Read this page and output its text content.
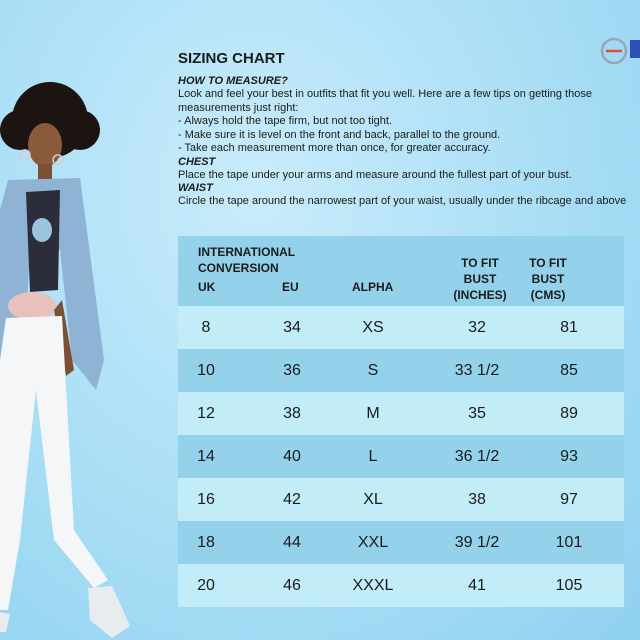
SIZING CHART
HOW TO MEASURE?
Look and feel your best in outfits that fit you well. Here are a few tips on getting those
measurements just right:
- Always hold the tape firm, but not too tight.
- Make sure it is level on the front and back, parallel to the ground.
- Take each measurement more than once, for greater accuracy.
CHEST
Place the tape under your arms and measure around the fullest part of your bust.
WAIST
Circle the tape around the narrowest part of your waist, usually under the ribcage and above
INTERNATIONAL
CONVERSION
UK	EU	ALPHA
TO FIT
BUST
(INCHES)
TO FIT
BUST
(CMS)
8	34	XS	32	81
10	36	S	33 1/2	85
12	38	M	35	89
14	40	L	36 1/2	93
16	42	XL	38	97
18	44	XXL	39 1/2	101
20	46	XXXL	41	105
